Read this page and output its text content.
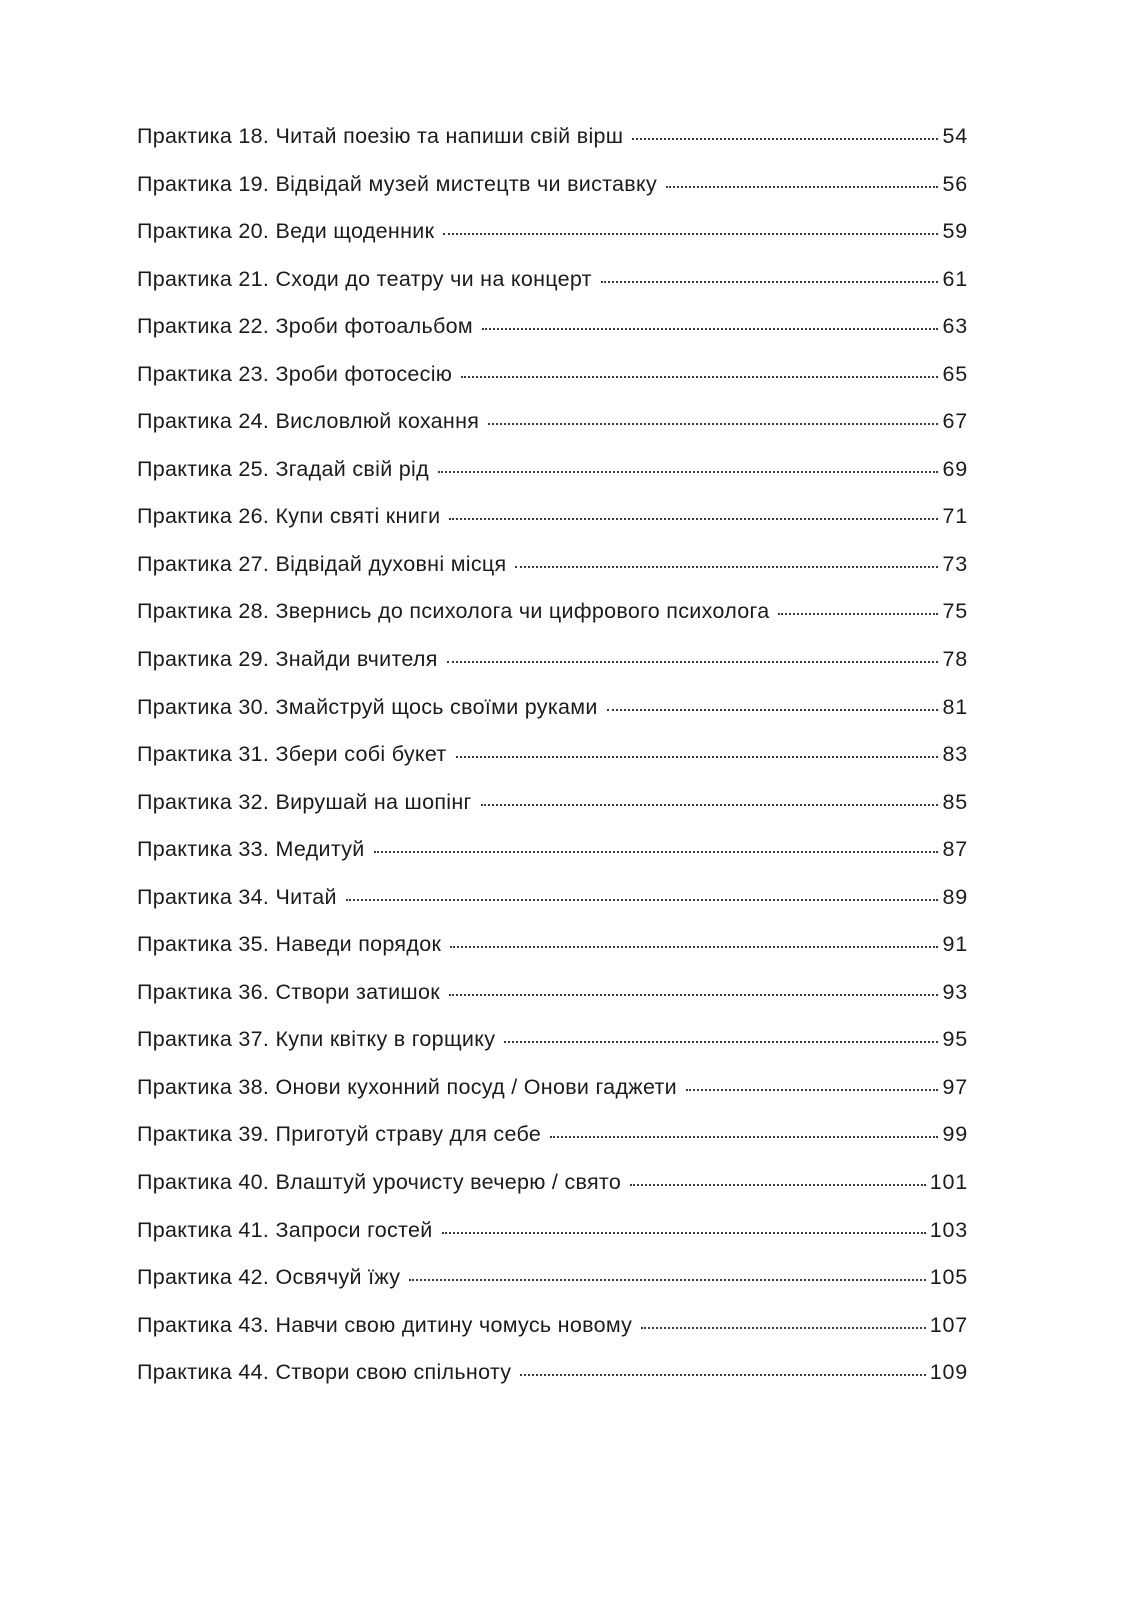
Практика 18. Читай поезію та напиши свій вірш	54
Практика 19. Відвідай музей мистецтв чи виставку	56
Практика 20. Веди щоденник	59
Практика 21. Сходи до театру чи на концерт	61
Практика 22. Зроби фотоальбом	63
Практика 23. Зроби фотосесію	65
Практика 24. Висловлюй кохання	67
Практика 25. Згадай свій рід	69
Практика 26. Купи святі книги	71
Практика 27. Відвідай духовні місця	73
Практика 28. Звернись до психолога чи цифрового психолога	75
Практика 29. Знайди вчителя	78
Практика 30. Змайструй щось своїми руками	81
Практика 31. Збери собі букет	83
Практика 32. Вирушай на шопінг	85
Практика 33. Медитуй	87
Практика 34. Читай	89
Практика 35. Наведи порядок	91
Практика 36. Створи затишок	93
Практика 37. Купи квітку в горщику	95
Практика 38. Онови кухонний посуд / Онови гаджети	97
Практика 39. Приготуй страву для себе	99
Практика 40. Влаштуй урочисту вечерю / свято	101
Практика 41. Запроси гостей	103
Практика 42. Освячуй їжу	105
Практика 43. Навчи свою дитину чомусь новому	107
Практика 44. Створи свою спільноту	109
